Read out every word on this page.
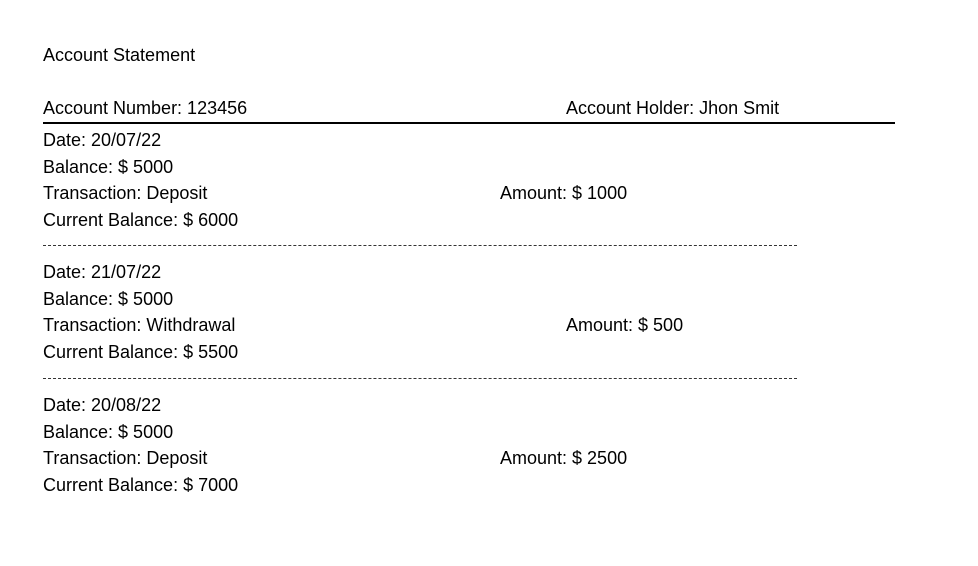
Account Statement
Account Number: 123456	Account Holder: Jhon Smit
Date: 20/07/22
Balance: $ 5000
Transaction: Deposit	Amount: $ 1000
Current Balance: $ 6000
Date: 21/07/22
Balance: $ 5000
Transaction: Withdrawal	Amount: $ 500
Current Balance: $ 5500
Date: 20/08/22
Balance: $ 5000
Transaction: Deposit	Amount: $ 2500
Current Balance: $ 7000
